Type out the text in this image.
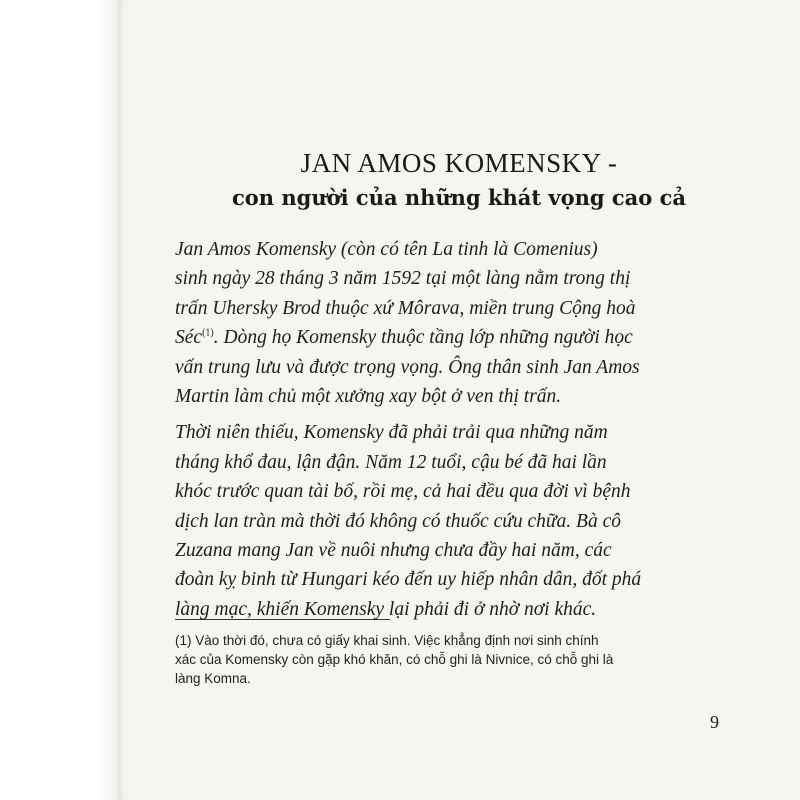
JAN AMOS KOMENSKY -
con người của những khát vọng cao cả

Jan Amos Komensky (còn có tên La tinh là Comenius)
sinh ngày 28 tháng 3 năm 1592 tại một làng nằm trong thị
trấn Uhersky Brod thuộc xứ Môrava, miền trung Cộng hoà
Séc$^{(1)}$. Dòng họ Komensky thuộc tầng lớp những người học
vấn trung lưu và được trọng vọng. Ông thân sinh Jan Amos
Martin làm chủ một xưởng xay bột ở ven thị trấn.

Thời niên thiếu, Komensky đã phải trải qua những năm
tháng khổ đau, lận đận. Năm 12 tuổi, cậu bé đã hai lần
khóc trước quan tài bố, rồi mẹ, cả hai đều qua đời vì bệnh
dịch lan tràn mà thời đó không có thuốc cứu chữa. Bà cô
Zuzana mang Jan về nuôi nhưng chưa đầy hai năm, các
đoàn kỵ binh từ Hungari kéo đến uy hiếp nhân dân, đốt phá
làng mạc, khiến Komensky lại phải đi ở nhờ nơi khác.

(1) Vào thời đó, chưa có giấy khai sinh. Việc khẳng định nơi sinh chính
xác của Komensky còn gặp khó khăn, có chỗ ghi là Nivnice, có chỗ ghi là
làng Komna.
9
